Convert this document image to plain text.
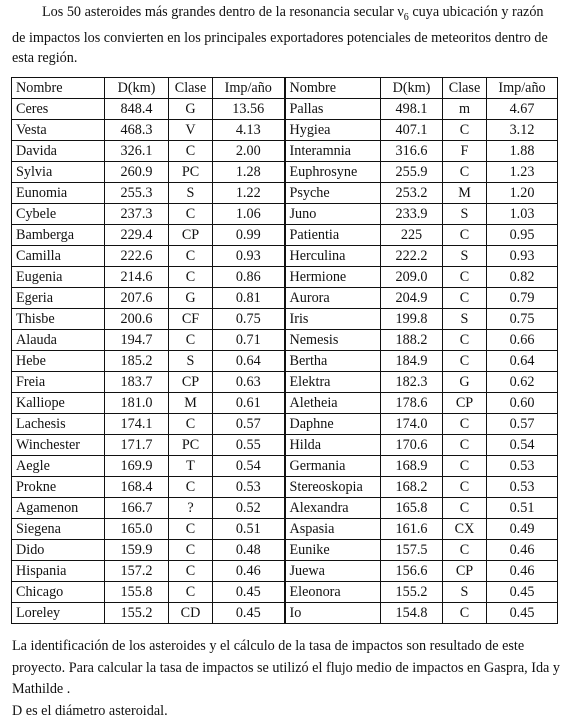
Los 50 asteroides más grandes dentro de la resonancia secular $\nu_6$ cuya ubicación y razón de impactos los convierten en los principales exportadores potenciales de meteoritos dentro de esta región.
Nombre	D(km)	Clase	Imp/año	Nombre	D(km)	Clase	Imp/año
Ceres	848.4	G	13.56	Pallas	498.1	m	4.67
Vesta	468.3	V	4.13	Hygiea	407.1	C	3.12
Davida	326.1	C	2.00	Interamnia	316.6	F	1.88
Sylvia	260.9	PC	1.28	Euphrosyne	255.9	C	1.23
Eunomia	255.3	S	1.22	Psyche	253.2	M	1.20
Cybele	237.3	C	1.06	Juno	233.9	S	1.03
Bamberga	229.4	CP	0.99	Patientia	225	C	0.95
Camilla	222.6	C	0.93	Herculina	222.2	S	0.93
Eugenia	214.6	C	0.86	Hermione	209.0	C	0.82
Egeria	207.6	G	0.81	Aurora	204.9	C	0.79
Thisbe	200.6	CF	0.75	Iris	199.8	S	0.75
Alauda	194.7	C	0.71	Nemesis	188.2	C	0.66
Hebe	185.2	S	0.64	Bertha	184.9	C	0.64
Freia	183.7	CP	0.63	Elektra	182.3	G	0.62
Kalliope	181.0	M	0.61	Aletheia	178.6	CP	0.60
Lachesis	174.1	C	0.57	Daphne	174.0	C	0.57
Winchester	171.7	PC	0.55	Hilda	170.6	C	0.54
Aegle	169.9	T	0.54	Germania	168.9	C	0.53
Prokne	168.4	C	0.53	Stereoskopia	168.2	C	0.53
Agamenon	166.7	?	0.52	Alexandra	165.8	C	0.51
Siegena	165.0	C	0.51	Aspasia	161.6	CX	0.49
Dido	159.9	C	0.48	Eunike	157.5	C	0.46
Hispania	157.2	C	0.46	Juewa	156.6	CP	0.46
Chicago	155.8	C	0.45	Eleonora	155.2	S	0.45
Loreley	155.2	CD	0.45	Io	154.8	C	0.45

La identificación de los asteroides y el cálculo de la tasa de impactos son resultado de este proyecto. Para calcular la tasa de impactos se utilizó el flujo medio de impactos en Gaspra, Ida y Mathilde .

D es el diámetro asteroidal.
